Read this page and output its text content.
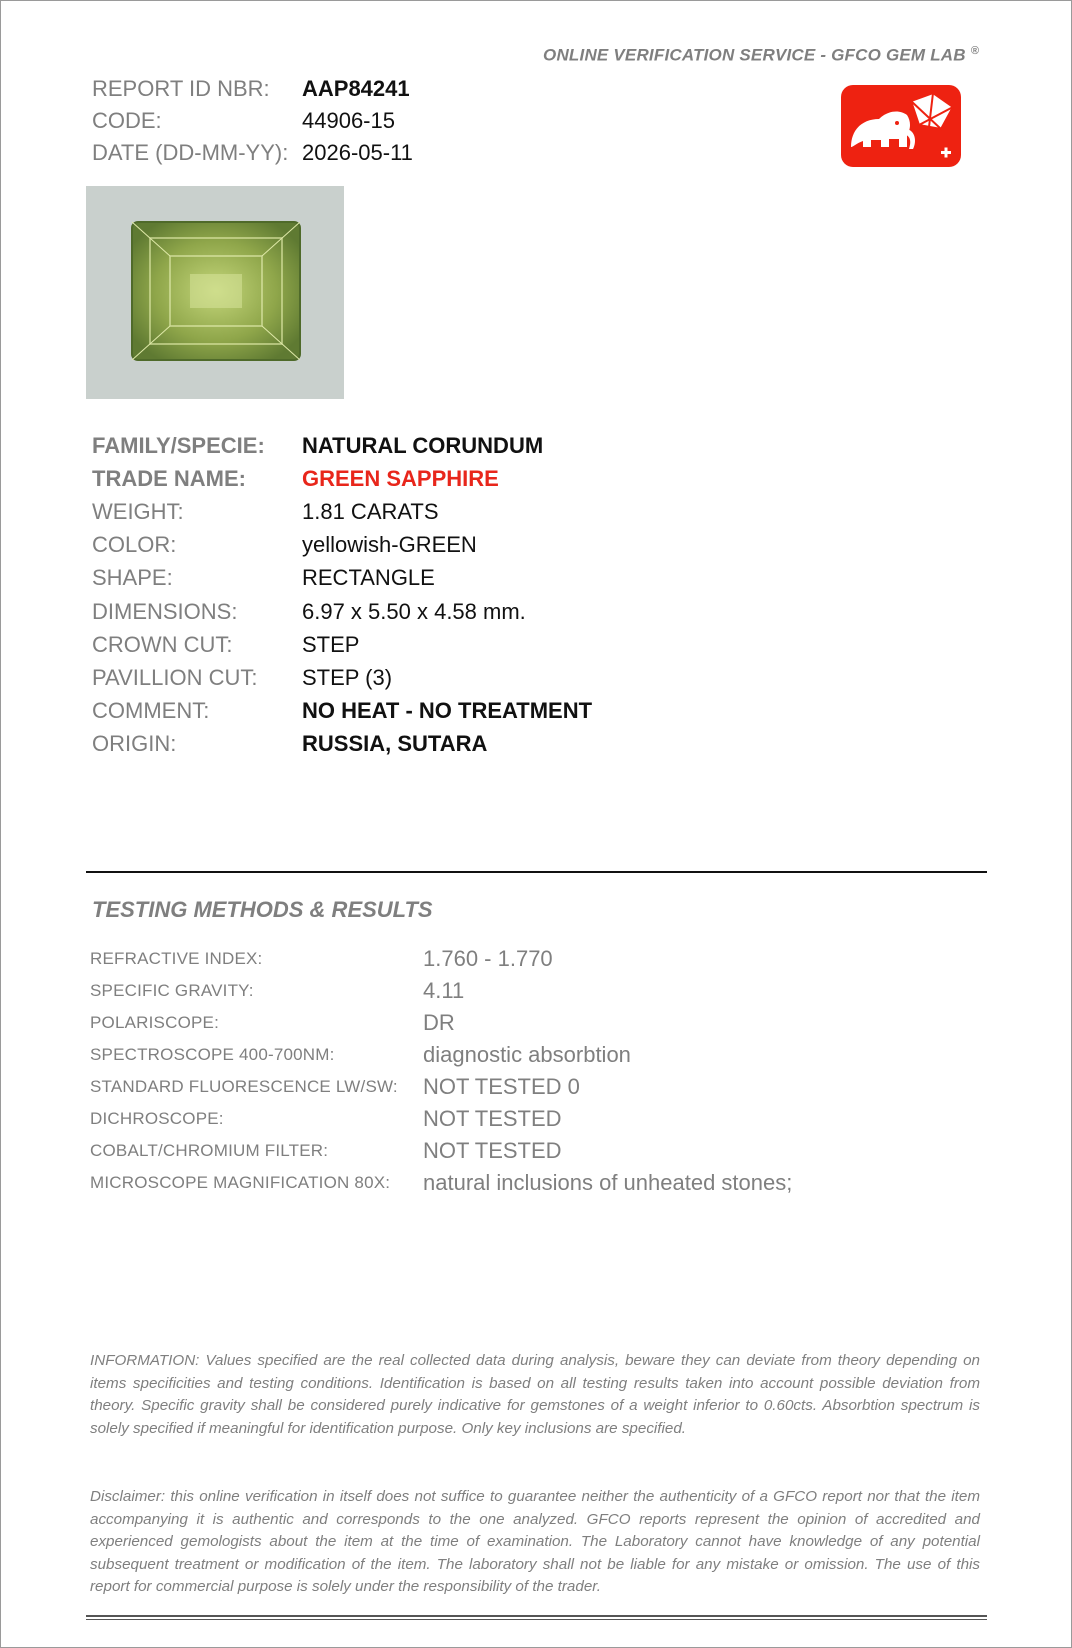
ONLINE VERIFICATION SERVICE - GFCO GEM LAB ®
REPORT ID NBR:	AAP84241
CODE:	44906-15
DATE (DD-MM-YY): 2026-05-11
FAMILY/SPECIE:	NATURAL CORUNDUM
TRADE NAME:	GREEN SAPPHIRE
WEIGHT:	1.81 CARATS
COLOR:	yellowish-GREEN
SHAPE:	RECTANGLE
DIMENSIONS:	6.97 x 5.50 x 4.58 mm.
CROWN CUT:	STEP
PAVILLION CUT:	STEP (3)
COMMENT:	NO HEAT - NO TREATMENT
ORIGIN:	RUSSIA, SUTARA
TESTING METHODS & RESULTS
REFRACTIVE INDEX:	1.760 - 1.770
SPECIFIC GRAVITY:	4.11
POLARISCOPE:	DR
SPECTROSCOPE 400-700NM:	diagnostic absorbtion
STANDARD FLUORESCENCE LW/SW:	NOT TESTED 0
DICHROSCOPE:	NOT TESTED
COBALT/CHROMIUM FILTER:	NOT TESTED
MICROSCOPE MAGNIFICATION 80X:	natural inclusions of unheated stones;

INFORMATION: Values specified are the real collected data during analysis, beware they can deviate from theory depending on items specificities and testing conditions. Identification is based on all testing results taken into account possible deviation from theory. Specific gravity shall be considered purely indicative for gemstones of a weight inferior to 0.60cts. Absorbtion spectrum is solely specified if meaningful for identification purpose. Only key inclusions are specified.

Disclaimer: this online verification in itself does not suffice to guarantee neither the authenticity of a GFCO report nor that the item accompanying it is authentic and corresponds to the one analyzed. GFCO reports represent the opinion of accredited and experienced gemologists about the item at the time of examination. The Laboratory cannot have knowledge of any potential subsequent treatment or modification of the item. The laboratory shall not be liable for any mistake or omission. The use of this report for commercial purpose is solely under the responsibility of the trader.
